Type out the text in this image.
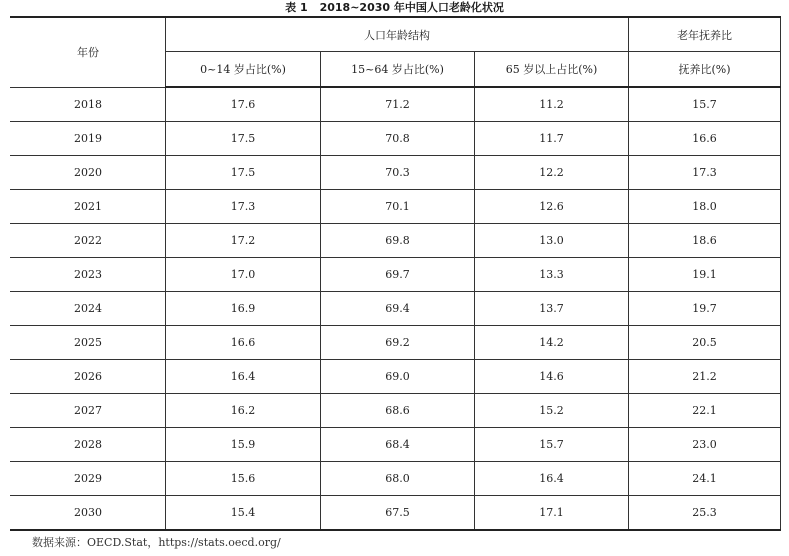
表 1 2018~2030 年中国人口老龄化状况
年份	人口年龄结构			老年抚养比
	0~14 岁占比(%)	15~64 岁占比(%)	65 岁以上占比(%)	抚养比(%)
2018	17.6	71.2	11.2	15.7
2019	17.5	70.8	11.7	16.6
2020	17.5	70.3	12.2	17.3
2021	17.3	70.1	12.6	18.0
2022	17.2	69.8	13.0	18.6
2023	17.0	69.7	13.3	19.1
2024	16.9	69.4	13.7	19.7
2025	16.6	69.2	14.2	20.5
2026	16.4	69.0	14.6	21.2
2027	16.2	68.6	15.2	22.1
2028	15.9	68.4	15.7	23.0
2029	15.6	68.0	16.4	24.1
2030	15.4	67.5	17.1	25.3
数据来源：OECD.Stat，https://stats.oecd.org/
